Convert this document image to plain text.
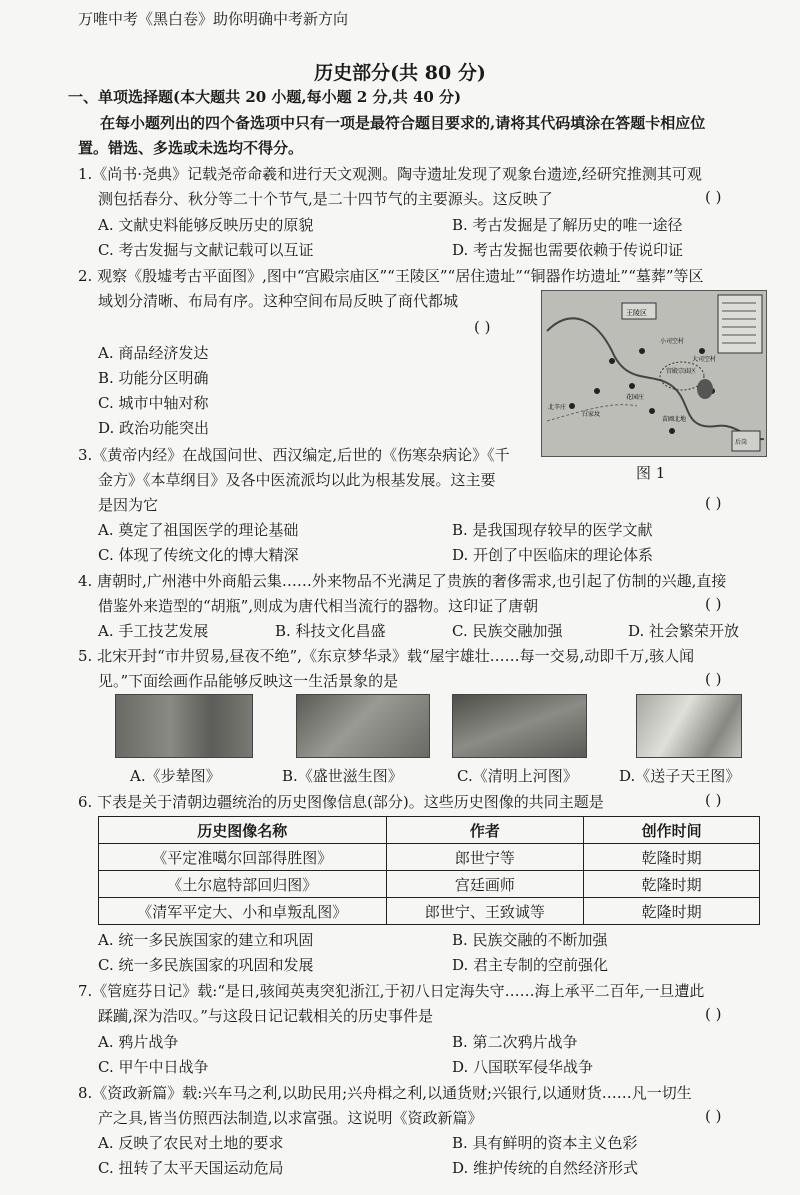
万唯中考《黑白卷》助你明确中考新方向
历史部分(共 80 分)
一、单项选择题(本大题共 20 小题,每小题 2 分,共 40 分)
在每小题列出的四个备选项中只有一项是最符合题目要求的,请将其代码填涂在答题卡相应位
置。错选、多选或未选均不得分。
1.《尚书·尧典》记载尧帝命羲和进行天文观测。陶寺遗址发现了观象台遗迹,经研究推测其可观
测包括春分、秋分等二十个节气,是二十四节气的主要源头。这反映了	( )
A. 文献史料能够反映历史的原貌	B. 考古发掘是了解历史的唯一途径
C. 考古发掘与文献记载可以互证	D. 考古发掘也需要依赖于传说印证
2. 观察《殷墟考古平面图》,图中“宫殿宗庙区”“王陵区”“居住遗址”“铜器作坊遗址”“墓葬”等区
域划分清晰、布局有序。这种空间布局反映了商代都城
( )
A. 商品经济发达
B. 功能分区明确
C. 城市中轴对称
D. 政治功能突出
王陵区
小司空村
大司空村
宫殿宗庙区
花园庄
白家坟
北辛庄
苗圃北地
后岗
图 1
3.《黄帝内经》在战国问世、西汉编定,后世的《伤寒杂病论》《千
金方》《本草纲目》及各中医流派均以此为根基发展。这主要
是因为它	( )
A. 奠定了祖国医学的理论基础	B. 是我国现存较早的医学文献
C. 体现了传统文化的博大精深	D. 开创了中医临床的理论体系
4. 唐朝时,广州港中外商船云集……外来物品不光满足了贵族的奢侈需求,也引起了仿制的兴趣,直接
借鉴外来造型的“胡瓶”,则成为唐代相当流行的器物。这印证了唐朝	( )
A. 手工技艺发展	B. 科技文化昌盛	C. 民族交融加强	D. 社会繁荣开放
5. 北宋开封“市井贸易,昼夜不绝”,《东京梦华录》载“屋宇雄壮……每一交易,动即千万,骇人闻
见。”下面绘画作品能够反映这一生活景象的是	( )
A.《步辇图》	B.《盛世滋生图》	C.《清明上河图》	D.《送子天王图》
6. 下表是关于清朝边疆统治的历史图像信息(部分)。这些历史图像的共同主题是	( )
历史图像名称	作者	创作时间
《平定准噶尔回部得胜图》	郎世宁等	乾隆时期
《土尔扈特部回归图》	宫廷画师	乾隆时期
《清军平定大、小和卓叛乱图》	郎世宁、王致诚等	乾隆时期
A. 统一多民族国家的建立和巩固	B. 民族交融的不断加强
C. 统一多民族国家的巩固和发展	D. 君主专制的空前强化
7.《管庭芬日记》载:“是日,骇闻英夷突犯浙江,于初八日定海失守……海上承平二百年,一旦遭此
蹂躏,深为浩叹。”与这段日记记载相关的历史事件是	( )
A. 鸦片战争	B. 第二次鸦片战争
C. 甲午中日战争	D. 八国联军侵华战争
8.《资政新篇》载:兴车马之利,以助民用;兴舟楫之利,以通货财;兴银行,以通财货……凡一切生
产之具,皆当仿照西法制造,以求富强。这说明《资政新篇》	( )
A. 反映了农民对土地的要求	B. 具有鲜明的资本主义色彩
C. 扭转了太平天国运动危局	D. 维护传统的自然经济形式
